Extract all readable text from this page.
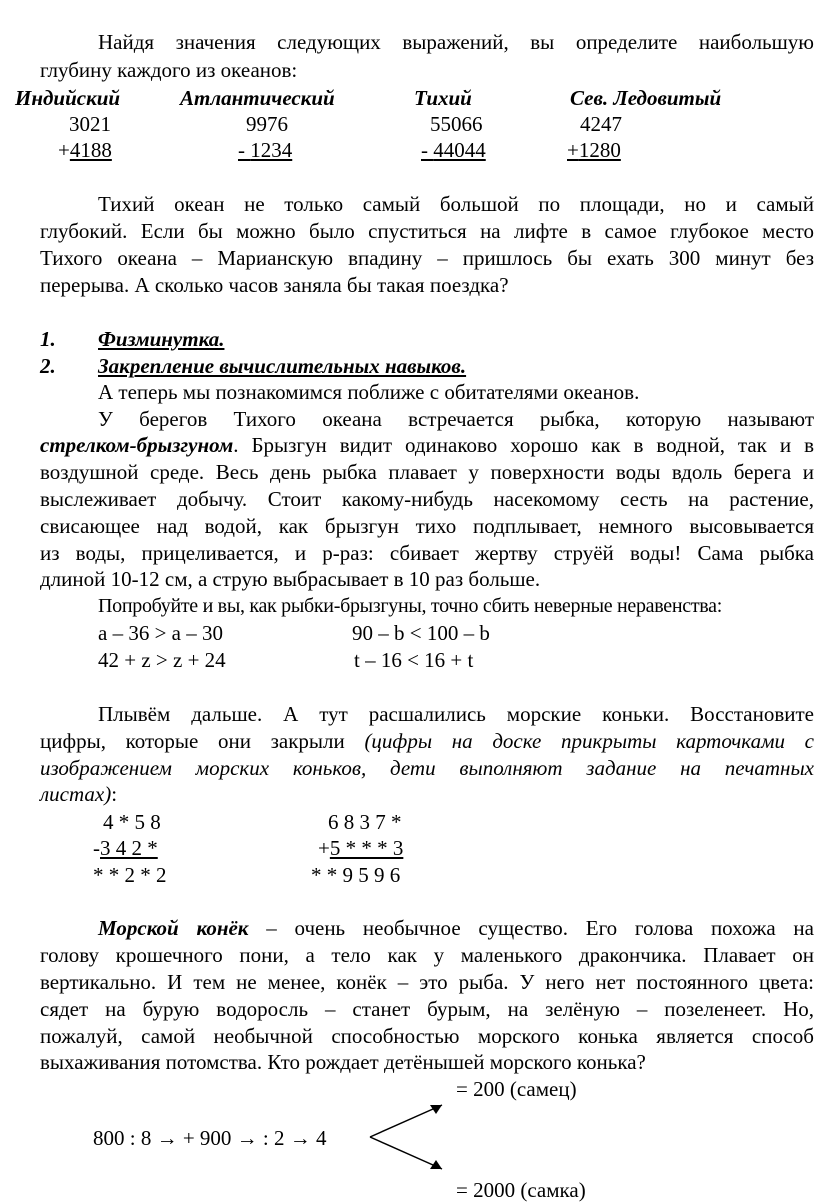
Найдя значения следующих выражений, вы определите наибольшую
глубину каждого из океанов:
Индийский	Атлантический	Тихий	Сев. Ледовитый
3021	9976	55066	4247
+4188	- 1234	- 44044	+1280
Тихий океан не только самый большой по площади, но и самый
глубокий. Если бы можно было спуститься на лифте в самое глубокое место
Тихого океана – Марианскую впадину – пришлось бы ехать 300 минут без
перерыва. А сколько часов заняла бы такая поездка?
1. Физминутка.
2. Закрепление вычислительных навыков.
А теперь мы познакомимся поближе с обитателями океанов.
У берегов Тихого океана встречается рыбка, которую называют
стрелком-брызгуном. Брызгун видит одинаково хорошо как в водной, так и в
воздушной среде. Весь день рыбка плавает у поверхности воды вдоль берега и
выслеживает добычу. Стоит какому-нибудь насекомому сесть на растение,
свисающее над водой, как брызгун тихо подплывает, немного высовывается
из воды, прицеливается, и р-раз: сбивает жертву струёй воды! Сама рыбка
длиной 10-12 см, а струю выбрасывает в 10 раз больше.
Попробуйте и вы, как рыбки-брызгуны, точно сбить неверные неравенства:
a – 36 > a – 30	90 – b < 100 – b
42 + z > z + 24	t – 16 < 16 + t
Плывём дальше. А тут расшалились морские коньки. Восстановите
цифры, которые они закрыли (цифры на доске прикрыты карточками с
изображением морских коньков, дети выполняют задание на печатных
листах):
4 * 5 8
-3 4 2 *
* * 2 * 2
6 8 3 7 *
+5 * * * 3
* * 9 5 9 6
Морской конёк – очень необычное существо. Его голова похожа на
голову крошечного пони, а тело как у маленького дракончика. Плавает он
вертикально. И тем не менее, конёк – это рыба. У него нет постоянного цвета:
сядет на бурую водоросль – станет бурым, на зелёную – позеленеет. Но,
пожалуй, самой необычной способностью морского конька является способ
выхаживания потомства. Кто рождает детёнышей морского конька?
= 200 (самец)
800 : 8 → + 900 → : 2 → 4
= 2000 (самка)
